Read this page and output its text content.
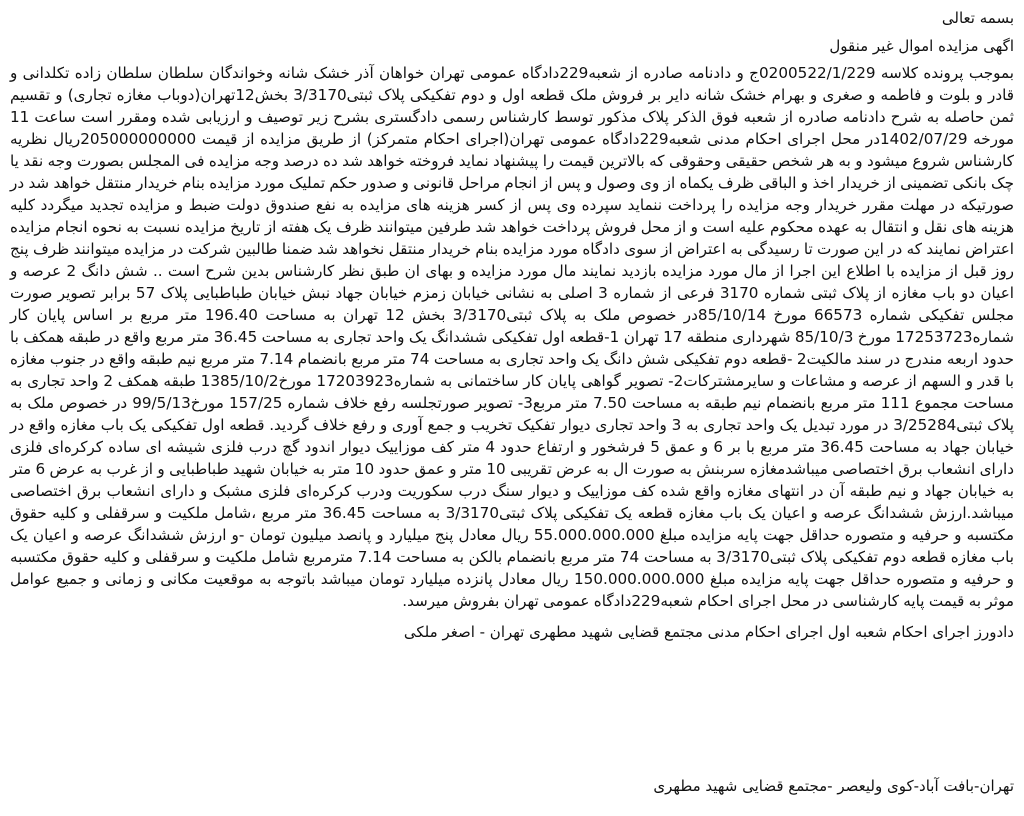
بسمه تعالی

اگهی مزایده اموال غیر منقول

بموجب پرونده کلاسه 0200522/1/229ج و دادنامه صادره از شعبه229دادگاه عمومی تهران خواهان آذر خشک شانه وخواندگان سلطان سلطان زاده تکلدانی و قادر و بلوت و فاطمه و صغری و بهرام خشک شانه دایر بر فروش ملک قطعه اول و دوم تفکیکی پلاک ثبتی3/3170 بخش12تهران(دوباب مغازه تجاری) و تقسیم ثمن حاصله به شرح دادنامه صادره از شعبه فوق الذکر پلاک مذکور توسط کارشناس رسمی دادگستری بشرح زیر توصیف و ارزیابی شده ومقرر است ساعت 11 مورخه 1402/07/29در محل اجرای احکام مدنی شعبه229دادگاه عمومی تهران(اجرای احکام متمرکز) از طریق مزایده از قیمت 205000000000ریال نظریه کارشناس شروع میشود و به هر شخص حقیقی وحقوقی که بالاترین قیمت را پیشنهاد نماید فروخته خواهد شد ده درصد وجه مزایده فی المجلس بصورت وجه نقد یا چک بانکی تضمینی از خریدار اخذ و الباقی ظرف یکماه از وی وصول و پس از انجام مراحل قانونی و صدور حکم تملیک مورد مزایده بنام خریدار منتقل خواهد شد در صورتیکه در مهلت مقرر خریدار وجه مزایده را پرداخت ننماید سپرده وی پس از کسر هزینه های مزایده به نفع صندوق دولت ضبط و مزایده تجدید میگردد کلیه هزینه های نقل و انتقال به عهده محکوم علیه است و از محل فروش پرداخت خواهد شد طرفین میتوانند ظرف یک هفته از تاریخ مزایده نسبت به نحوه انجام مزایده اعتراض نمایند که در این صورت تا رسیدگی به اعتراض از سوی دادگاه مورد مزایده بنام خریدار منتقل نخواهد شد ضمنا طالبین شرکت در مزایده میتوانند ظرف پنج روز قبل از مزایده با اطلاع این اجرا از مال مورد مزایده بازدید نمایند مال مورد مزایده و بهای ان طبق نظر کارشناس بدین شرح است .. شش دانگ 2 عرصه و اعیان دو باب مغازه از پلاک ثبتی شماره 3170 فرعی از شماره 3 اصلی به نشانی خیابان زمزم خیابان جهاد نبش خیابان طباطبایی پلاک 57 برابر تصویر صورت مجلس تفکیکی شماره 66573 مورخ 85/10/14در خصوص ملک به پلاک ثبتی3/3170 بخش 12 تهران به مساحت 196.40 متر مربع بر اساس پایان کار شماره17253723 مورخ 85/10/3 شهرداری منطقه 17 تهران 1-قطعه اول تفکیکی ششدانگ یک واحد تجاری به مساحت 36.45 متر مربع واقع در طبقه همکف با حدود اربعه مندرج در سند مالکیت2 -قطعه دوم تفکیکی شش دانگ یک واحد تجاری به مساحت 74 متر مربع بانضمام 7.14 متر مربع نیم طبقه واقع در جنوب مغازه با قدر و السهم از عرصه و مشاعات و سایرمشترکات2- تصویر گواهی پایان کار ساختمانی به شماره17203923 مورخ1385/10/2 طبقه همکف 2 واحد تجاری به مساحت مجموع 111 متر مربع بانضمام نیم طبقه به مساحت 7.50 متر مربع3- تصویر صورتجلسه رفع خلاف شماره 157/25 مورخ99/5/13 در خصوص ملک به پلاک ثبتی3/25284 در مورد تبدیل یک واحد تجاری به 3 واحد تجاری دیوار تفکیک تخریب و جمع آوری و رفع خلاف گردید. قطعه اول تفکیکی یک باب مغازه واقع در خیابان جهاد به مساحت 36.45 متر مربع با بر 6 و عمق 5 فرشخور و ارتفاع حدود 4 متر کف موزاییک دیوار اندود گچ درب فلزی شیشه ای ساده کرکره‌ای فلزی دارای انشعاب برق اختصاصی میباشدمغازه سربنش به صورت ال به عرض تقریبی 10 متر و عمق حدود 10 متر به خیابان شهید طباطبایی و از غرب به عرض 6 متر به خیابان جهاد و نیم طبقه آن در انتهای مغازه واقع شده کف موزاییک و دیوار سنگ درب سکوریت ودرب کرکره‌ای فلزی مشبک و دارای انشعاب برق اختصاصی میباشد.ارزش ششدانگ عرصه و اعیان یک باب مغازه قطعه یک تفکیکی پلاک ثبتی3/3170 به مساحت 36.45 متر مربع ،شامل ملکیت و سرقفلی و کلیه حقوق مکتسبه و حرفیه و متصوره حداقل جهت پایه مزایده مبلغ 55.000.000.000 ریال معادل پنج میلیارد و پانصد میلیون تومان -و ارزش ششدانگ عرصه و اعیان یک باب مغازه قطعه دوم تفکیکی پلاک ثبتی3/3170 به مساحت 74 متر مربع بانضمام بالکن به مساحت 7.14 مترمربع شامل ملکیت و سرقفلی و کلیه حقوق مکتسبه و حرفیه و متصوره حداقل جهت پایه مزایده مبلغ 150.000.000.000 ریال معادل پانزده میلیارد تومان میباشد باتوجه به موقعیت مکانی و زمانی و جمیع عوامل موثر به قیمت پایه کارشناسی در محل اجرای احکام شعبه229دادگاه عمومی تهران بفروش میرسد.

دادورز اجرای احکام شعبه اول اجرای احکام مدنی مجتمع قضایی شهید مطهری تهران - اصغر ملکی

تهران-بافت آباد-کوی ولیعصر -مجتمع قضایی شهید مطهری
